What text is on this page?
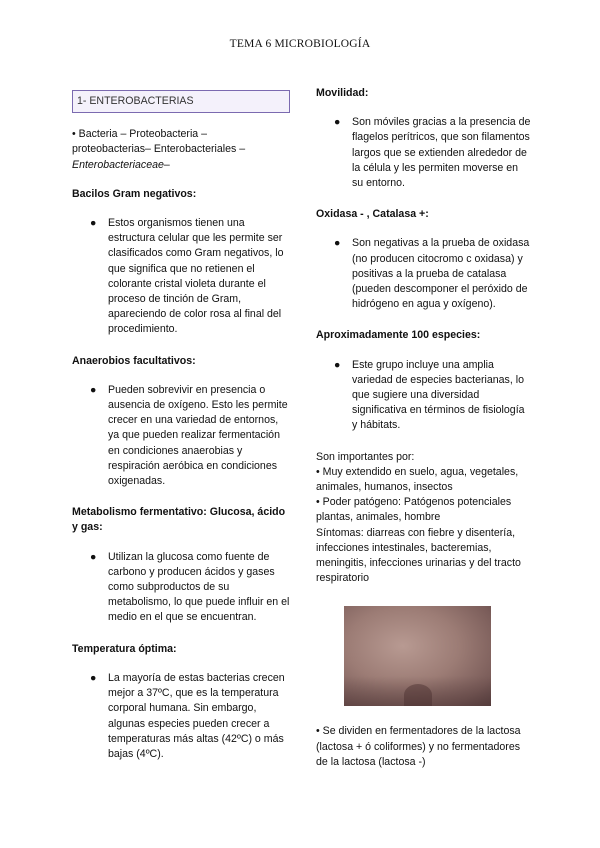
TEMA 6 MICROBIOLOGÍA
1- ENTEROBACTERIAS

• Bacteria – Proteobacteria –
proteobacterias– Enterobacteriales –
Enterobacteriaceae–

Bacilos Gram negativos:

● Estos organismos tienen una estructura celular que les permite ser clasificados como Gram negativos, lo que significa que no retienen el colorante cristal violeta durante el proceso de tinción de Gram, apareciendo de color rosa al final del procedimiento.

Anaerobios facultativos:

● Pueden sobrevivir en presencia o ausencia de oxígeno. Esto les permite crecer en una variedad de entornos, ya que pueden realizar fermentación en condiciones anaerobias y respiración aeróbica en condiciones oxigenadas.

Metabolismo fermentativo: Glucosa, ácido y gas:

● Utilizan la glucosa como fuente de carbono y producen ácidos y gases como subproductos de su metabolismo, lo que puede influir en el medio en el que se encuentran.

Temperatura óptima:

● La mayoría de estas bacterias crecen mejor a 37ºC, que es la temperatura corporal humana. Sin embargo, algunas especies pueden crecer a temperaturas más altas (42ºC) o más bajas (4ºC).

Movilidad:

● Son móviles gracias a la presencia de flagelos perítricos, que son filamentos largos que se extienden alrededor de la célula y les permiten moverse en su entorno.

Oxidasa - , Catalasa +:

● Son negativas a la prueba de oxidasa (no producen citocromo c oxidasa) y positivas a la prueba de catalasa (pueden descomponer el peróxido de hidrógeno en agua y oxígeno).

Aproximadamente 100 especies:

● Este grupo incluye una amplia variedad de especies bacterianas, lo que sugiere una diversidad significativa en términos de fisiología y hábitats.

Son importantes por:

• Muy extendido en suelo, agua, vegetales,

animales, humanos, insectos

• Poder patógeno: Patógenos potenciales plantas, animales, hombre

Síntomas: diarreas con fiebre y disentería, infecciones intestinales, bacteremias, meningitis, infecciones urinarias y del tracto respiratorio

• Se dividen en fermentadores de la lactosa (lactosa + ó coliformes) y no fermentadores de la lactosa (lactosa -)
